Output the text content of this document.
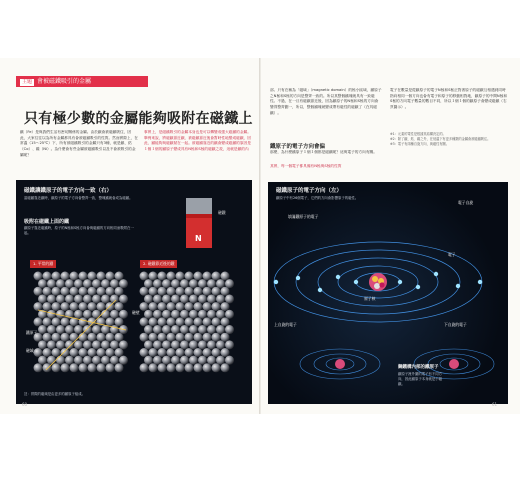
主題 會被磁鐵吸引的金屬
只有極少數的金屬能夠吸附在磁鐵上
鐵（Fe）是與我們生活有密切關係的金屬。由於鐵會被磁鐵吸住，因此，大家往往以為所有金屬都具有會被磁鐵吸引的性質。然而實際上，在常溫（15～25℃）下，所有被磁鐵吸引的金屬只有3種，就是鐵、鈷（Co）、鎳（Ni）。為什麼會有些金屬被磁鐵吸引以及不會被吸引的金屬呢？
事實上，是磁鐵吸引的金屬本身也是可以轉變成強大磁鐵的金屬。舉例來說，將磁鐵靠近鐵，被磁鐵靠近後會暫時性地變成磁鐵，因此，鐵能夠與磁鐵黏在一起。被磁鐵靠近的鐵會變成磁鐵的原因是１個１個的鐵原子變成具有N極和S極的磁鐵之故，這就是鐵的內
部。只有在稱為「磁域」（magnetic domain）的極小區域，鐵原子之N極和S極的方向是整齊一致的。所以其整個鐵塊就具有一致磁性。不過，在一旦有磁鐵靠近後，因為鐵原子的N極和S極的方向會變得整齊劃一，所以，整個鐵塊就變成帶有磁性的磁鐵了（在具磁鐵）。
鐵原子的電子方向會偏
那麼，為什麼鐵原子１個１個都是磁鐵呢？這與電子的方向有關。
其實，每一個電子都具備有N極與S極的性質
電子在數量是從鐵原子的電子N極和S極正對著原子的磁鐵互相遇到同時指向相同一個方向也會有電子和原子的移動相對地，鐵原子的中間N極和S極的方向電子數量的數目不同，所以１個１個的鐵原子會變成磁鐵（右頁圖示）。
※1：元素的電性是根據其結構決定的。
※2：除了鐵、鈷、鎳之外，在低溫下有更多種類的金屬會被磁鐵吸住。
※3：電子有兩種自旋方向，與磁性有關。
磁鐵讓鐵原子的電子方向一致（右）
當磁鐵靠近鐵時，鐵原子的電子方向會整齊一致，整塊鐵就會成為磁鐵。
吸附在磁鐵上面的鐵
鐵原子靠近磁鐵時，原子的N極和S極方向會與磁鐵的方向相同而吸附在一起。
1. 平常的鐵	2. 磁鐵靠近後的鐵
鐵原子
磁域
磁壁
註：實際的磁域是由更多的鐵原子組成。
磁鐵
N
磁鐵原子的電子方向（左）
鐵原子中有26個電子，它們的方向會影響原子的磁性。
填滿鐵原子的電子
原子核
電子
電子自旋
上自旋的電子	下自旋的電子
鋼鐵構內部的鐵原子
鐵原子裡外圍的電子有不同方向，因此鐵原子本身就是小磁鐵。
60	61
